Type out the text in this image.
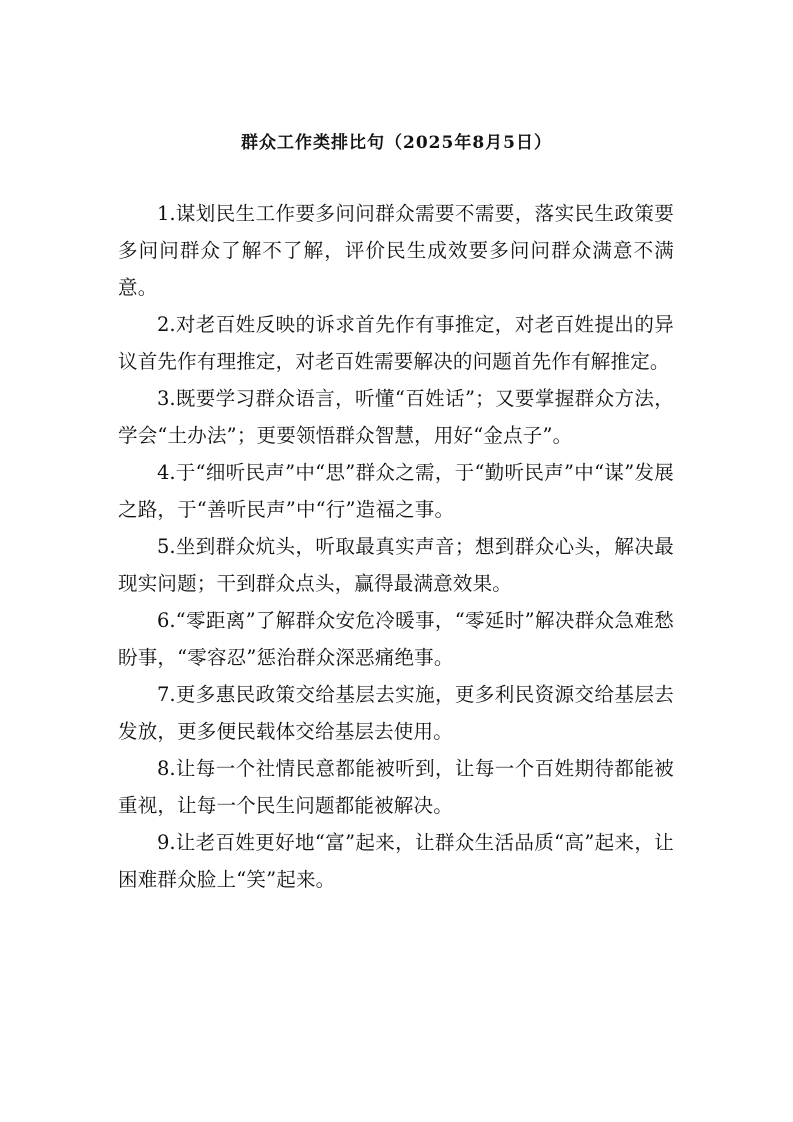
群众工作类排比句（2025年8月5日）

1.谋划民生工作要多问问群众需要不需要，落实民生政策要多问问群众了解不了解，评价民生成效要多问问群众满意不满意。

2.对老百姓反映的诉求首先作有事推定，对老百姓提出的异议首先作有理推定，对老百姓需要解决的问题首先作有解推定。

3.既要学习群众语言，听懂“百姓话”；又要掌握群众方法，学会“土办法”；更要领悟群众智慧，用好“金点子”。

4.于“细听民声”中“思”群众之需，于“勤听民声”中“谋”发展之路，于“善听民声”中“行”造福之事。

5.坐到群众炕头，听取最真实声音；想到群众心头，解决最现实问题；干到群众点头，赢得最满意效果。

6.“零距离”了解群众安危冷暖事，“零延时”解决群众急难愁盼事，“零容忍”惩治群众深恶痛绝事。

7.更多惠民政策交给基层去实施，更多利民资源交给基层去发放，更多便民载体交给基层去使用。

8.让每一个社情民意都能被听到，让每一个百姓期待都能被重视，让每一个民生问题都能被解决。

9.让老百姓更好地“富”起来，让群众生活品质“高”起来，让困难群众脸上“笑”起来。
